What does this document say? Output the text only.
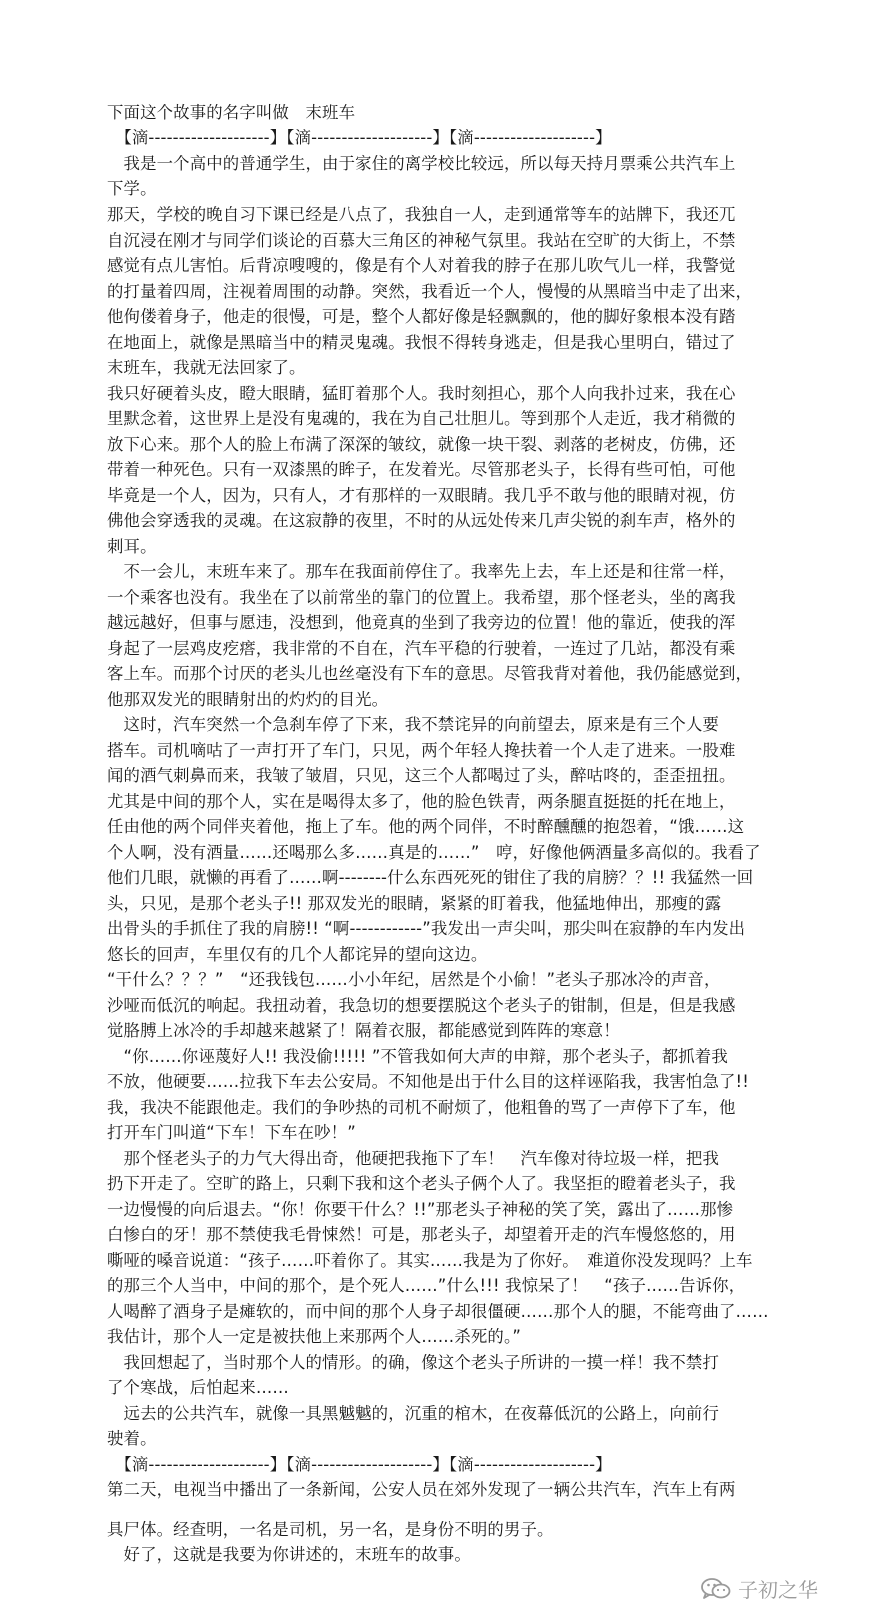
下面这个故事的名字叫做　末班车
　【滴--------------------】【滴--------------------】【滴--------------------】
　我是一个高中的普通学生，由于家住的离学校比较远，所以每天持月票乘公共汽车上
下学。
那天，学校的晚自习下课已经是八点了，我独自一人，走到通常等车的站牌下，我还兀
自沉浸在刚才与同学们谈论的百慕大三角区的神秘气氛里。我站在空旷的大街上，不禁
感觉有点儿害怕。后背凉嗖嗖的，像是有个人对着我的脖子在那儿吹气儿一样，我警觉
的打量着四周，注视着周围的动静。突然，我看近一个人，慢慢的从黑暗当中走了出来，
他佝偻着身子，他走的很慢，可是，整个人都好像是轻飘飘的，他的脚好象根本没有踏
在地面上，就像是黑暗当中的精灵鬼魂。我恨不得转身逃走，但是我心里明白，错过了
末班车，我就无法回家了。
我只好硬着头皮，瞪大眼睛，猛盯着那个人。我时刻担心，那个人向我扑过来，我在心
里默念着，这世界上是没有鬼魂的，我在为自己壮胆儿。等到那个人走近，我才稍微的
放下心来。那个人的脸上布满了深深的皱纹，就像一块干裂、剥落的老树皮，仿佛，还
带着一种死色。只有一双漆黑的眸子，在发着光。尽管那老头子，长得有些可怕，可他
毕竟是一个人，因为，只有人，才有那样的一双眼睛。我几乎不敢与他的眼睛对视，仿
佛他会穿透我的灵魂。在这寂静的夜里，不时的从远处传来几声尖锐的刹车声，格外的
刺耳。
　不一会儿，末班车来了。那车在我面前停住了。我率先上去，车上还是和往常一样，
一个乘客也没有。我坐在了以前常坐的靠门的位置上。我希望，那个怪老头，坐的离我
越远越好，但事与愿违，没想到，他竟真的坐到了我旁边的位置！他的靠近，使我的浑
身起了一层鸡皮疙瘩，我非常的不自在，汽车平稳的行驶着，一连过了几站，都没有乘
客上车。而那个讨厌的老头儿也丝毫没有下车的意思。尽管我背对着他，我仍能感觉到，
他那双发光的眼睛射出的灼灼的目光。
　这时，汽车突然一个急刹车停了下来，我不禁诧异的向前望去，原来是有三个人要
搭车。司机嘀咕了一声打开了车门，只见，两个年轻人搀扶着一个人走了进来。一股难
闻的酒气刺鼻而来，我皱了皱眉，只见，这三个人都喝过了头，醉咕咚的，歪歪扭扭。
尤其是中间的那个人，实在是喝得太多了，他的脸色铁青，两条腿直挺挺的托在地上，
任由他的两个同伴夹着他，拖上了车。他的两个同伴，不时醉醺醺的抱怨着，“饿……这
个人啊，没有酒量……还喝那么多……真是的……”　哼，好像他俩酒量多高似的。我看了
他们几眼，就懒的再看了……啊--------什么东西死死的钳住了我的肩膀？？!! 我猛然一回
头，只见，是那个老头子!! 那双发光的眼睛，紧紧的盯着我，他猛地伸出，那瘦的露
出骨头的手抓住了我的肩膀!! “啊------------”我发出一声尖叫，那尖叫在寂静的车内发出
悠长的回声，车里仅有的几个人都诧异的望向这边。
“干什么？？？”　“还我钱包……小小年纪，居然是个小偷！”老头子那冰冷的声音，
沙哑而低沉的响起。我扭动着，我急切的想要摆脱这个老头子的钳制，但是，但是我感
觉胳膊上冰冷的手却越来越紧了！隔着衣服，都能感觉到阵阵的寒意！
　“你……你诬蔑好人!! 我没偷!!!!! ”不管我如何大声的申辩，那个老头子，都抓着我
不放，他硬要……拉我下车去公安局。不知他是出于什么目的这样诬陷我，我害怕急了!!
我，我决不能跟他走。我们的争吵热的司机不耐烦了，他粗鲁的骂了一声停下了车，他
打开车门叫道“下车！下车在吵！”
　那个怪老头子的力气大得出奇，他硬把我拖下了车！　汽车像对待垃圾一样，把我
扔下开走了。空旷的路上，只剩下我和这个老头子俩个人了。我坚拒的瞪着老头子，我
一边慢慢的向后退去。“你！你要干什么？!!”那老头子神秘的笑了笑，露出了……那惨
白惨白的牙！那不禁使我毛骨悚然！可是，那老头子，却望着开走的汽车慢悠悠的，用
嘶哑的嗓音说道：“孩子……吓着你了。其实……我是为了你好。　难道你没发现吗？上车
的那三个人当中，中间的那个，是个死人……”什么!!! 我惊呆了！　“孩子……告诉你，
人喝醉了酒身子是瘫软的，而中间的那个人身子却很僵硬……那个人的腿，不能弯曲了……
我估计，那个人一定是被扶他上来那两个人……杀死的。”
　我回想起了，当时那个人的情形。的确，像这个老头子所讲的一摸一样！我不禁打
了个寒战，后怕起来……
　远去的公共汽车，就像一具黑魆魆的，沉重的棺木，在夜幕低沉的公路上，向前行
驶着。
　【滴--------------------】【滴--------------------】【滴--------------------】
第二天，电视当中播出了一条新闻，公安人员在郊外发现了一辆公共汽车，汽车上有两
具尸体。经查明，一名是司机，另一名，是身份不明的男子。
　好了，这就是我要为你讲述的，末班车的故事。
子初之华
